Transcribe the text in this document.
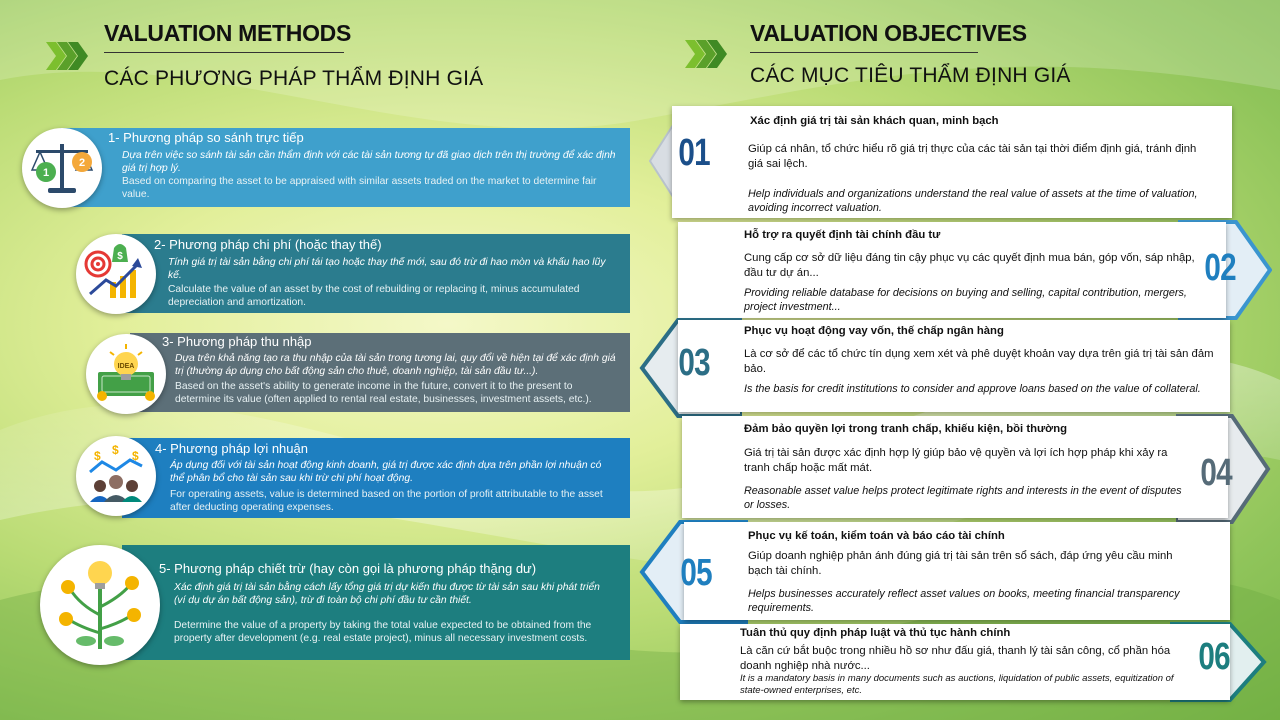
VALUATION METHODS
CÁC PHƯƠNG PHÁP THẨM ĐỊNH GIÁ
VALUATION OBJECTIVES
CÁC MỤC TIÊU THẨM ĐỊNH GIÁ
1- Phương pháp so sánh trực tiếp
Dựa trên việc so sánh tài sản cần thẩm định với các tài sản tương tự đã giao dịch trên thị trường để xác định giá trị hợp lý.
Based on comparing the asset to be appraised with similar assets traded on the market to determine fair value.
1
2
2- Phương pháp chi phí (hoặc thay thế)
Tính giá trị tài sản bằng chi phí tái tạo hoặc thay thế mới, sau đó trừ đi hao mòn và khấu hao lũy kế.
Calculate the value of an asset by the cost of rebuilding or replacing it, minus accumulated depreciation and amortization.
$
3- Phương pháp thu nhập
Dựa trên khả năng tạo ra thu nhập của tài sản trong tương lai, quy đổi về hiện tại để xác định giá trị (thường áp dụng cho bất động sản cho thuê, doanh nghiệp, tài sản đầu tư...).
Based on the asset's ability to generate income in the future, convert it to the present to determine its value (often applied to rental real estate, businesses, investment assets, etc.).
IDEA
4- Phương pháp lợi nhuận
Áp dụng đối với tài sản hoạt động kinh doanh, giá trị được xác định dựa trên phần lợi nhuận có thể phân bổ cho tài sản sau khi trừ chi phí hoạt động.
For operating assets, value is determined based on the portion of profit attributable to the asset after deducting operating expenses.
$ $ $
5- Phương pháp chiết trừ (hay còn gọi là phương pháp thặng dư)
Xác định giá trị tài sản bằng cách lấy tổng giá trị dự kiến thu được từ tài sản sau khi phát triển (ví dụ dự án bất động sản), trừ đi toàn bộ chi phí đầu tư cần thiết.
Determine the value of a property by taking the total value expected to be obtained from the property after development (e.g. real estate project), minus all necessary investment costs.
01
Xác định giá trị tài sản khách quan, minh bạch
Giúp cá nhân, tổ chức hiểu rõ giá trị thực của các tài sản tại thời điểm định giá, tránh định giá sai lệch.
Help individuals and organizations understand the real value of assets at the time of valuation, avoiding incorrect valuation.
02
Hỗ trợ ra quyết định tài chính đầu tư
Cung cấp cơ sở dữ liệu đáng tin cậy phục vụ các quyết định mua bán, góp vốn, sáp nhập, đầu tư dự án...
Providing reliable database for decisions on buying and selling, capital contribution, mergers, project investment...
03
Phục vụ hoạt động vay vốn, thế chấp ngân hàng
Là cơ sở để các tổ chức tín dụng xem xét và phê duyệt khoản vay dựa trên giá trị tài sản đảm bảo.
Is the basis for credit institutions to consider and approve loans based on the value of collateral.
04
Đảm bảo quyền lợi trong tranh chấp, khiếu kiện, bồi thường
Giá trị tài sản được xác định hợp lý giúp bảo vệ quyền và lợi ích hợp pháp khi xảy ra tranh chấp hoặc mất mát.
Reasonable asset value helps protect legitimate rights and interests in the event of disputes or losses.
05
Phục vụ kế toán, kiểm toán và báo cáo tài chính
Giúp doanh nghiệp phản ánh đúng giá trị tài sản trên sổ sách, đáp ứng yêu cầu minh bạch tài chính.
Helps businesses accurately reflect asset values on books, meeting financial transparency requirements.
06
Tuân thủ quy định pháp luật và thủ tục hành chính
Là căn cứ bắt buộc trong nhiều hồ sơ như đấu giá, thanh lý tài sản công, cổ phần hóa doanh nghiệp nhà nước...
It is a mandatory basis in many documents such as auctions, liquidation of public assets, equitization of state-owned enterprises, etc.
